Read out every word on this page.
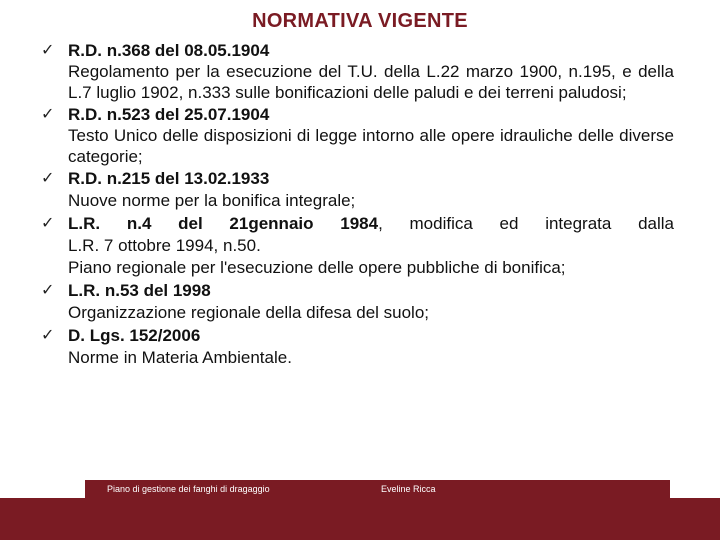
NORMATIVA VIGENTE
✓ R.D. n.368 del 08.05.1904
Regolamento per la esecuzione del T.U. della L.22 marzo 1900, n.195, e della L.7 luglio 1902, n.333 sulle bonificazioni delle paludi e dei terreni paludosi;
✓ R.D. n.523 del 25.07.1904
Testo Unico delle disposizioni di legge intorno alle opere idrauliche delle diverse categorie;
✓ R.D. n.215 del 13.02.1933
Nuove norme per la bonifica integrale;
✓ L.R. n.4 del 21gennaio 1984, modifica ed integrata dalla
L.R. 7 ottobre 1994, n.50.
Piano regionale per l'esecuzione delle opere pubbliche di bonifica;
✓ L.R. n.53 del 1998
Organizzazione regionale della difesa del suolo;
✓ D. Lgs. 152/2006
Norme in Materia Ambientale.
Piano di gestione dei fanghi di dragaggio	Eveline Ricca
